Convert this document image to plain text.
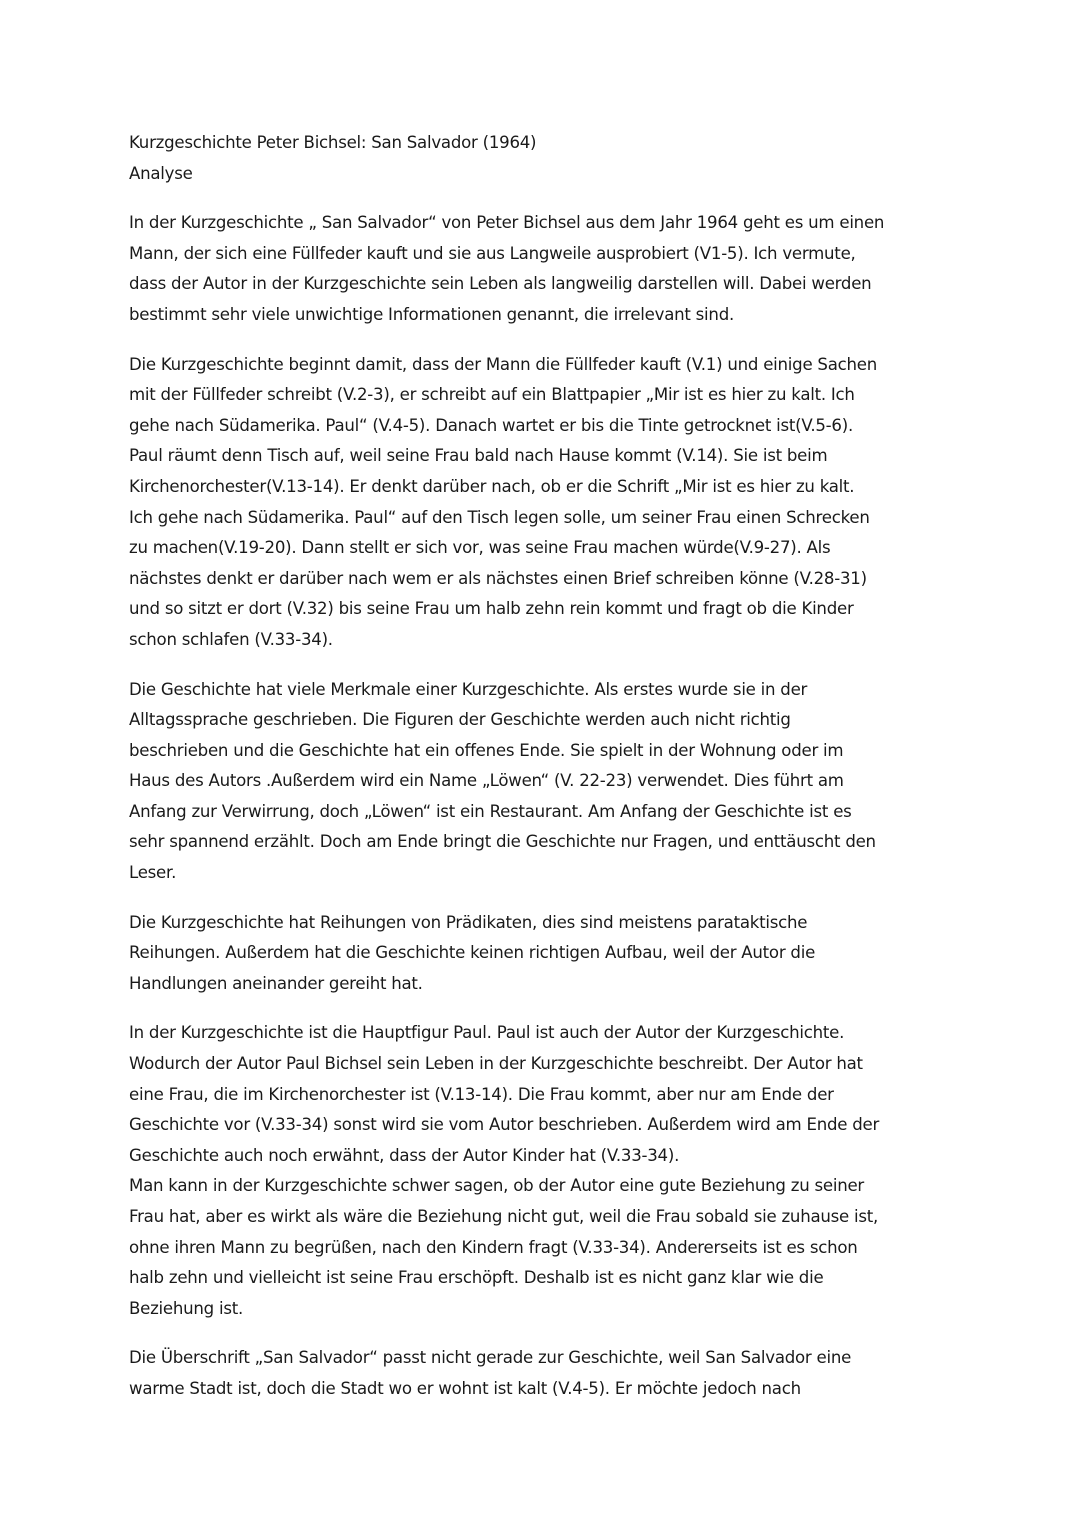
Kurzgeschichte Peter Bichsel: San Salvador (1964)

Analyse

In der Kurzgeschichte „ San Salvador“ von Peter Bichsel aus dem Jahr 1964 geht es um einen
Mann, der sich eine Füllfeder kauft und sie aus Langweile ausprobiert (V1-5). Ich vermute,
dass der Autor in der Kurzgeschichte sein Leben als langweilig darstellen will. Dabei werden
bestimmt sehr viele unwichtige Informationen genannt, die irrelevant sind.
Die Kurzgeschichte beginnt damit, dass der Mann die Füllfeder kauft (V.1) und einige Sachen
mit der Füllfeder schreibt (V.2-3), er schreibt auf ein Blattpapier „Mir ist es hier zu kalt. Ich
gehe nach Südamerika. Paul“ (V.4-5). Danach wartet er bis die Tinte getrocknet ist(V.5-6).
Paul räumt denn Tisch auf, weil seine Frau bald nach Hause kommt (V.14). Sie ist beim
Kirchenorchester(V.13-14). Er denkt darüber nach, ob er die Schrift „Mir ist es hier zu kalt.
Ich gehe nach Südamerika. Paul“ auf den Tisch legen solle, um seiner Frau einen Schrecken
zu machen(V.19-20). Dann stellt er sich vor, was seine Frau machen würde(V.9-27). Als
nächstes denkt er darüber nach wem er als nächstes einen Brief schreiben könne (V.28-31)
und so sitzt er dort (V.32) bis seine Frau um halb zehn rein kommt und fragt ob die Kinder
schon schlafen (V.33-34).
Die Geschichte hat viele Merkmale einer Kurzgeschichte. Als erstes wurde sie in der
Alltagssprache geschrieben. Die Figuren der Geschichte werden auch nicht richtig
beschrieben und die Geschichte hat ein offenes Ende. Sie spielt in der Wohnung oder im
Haus des Autors .Außerdem wird ein Name „Löwen“ (V. 22-23) verwendet. Dies führt am
Anfang zur Verwirrung, doch „Löwen“ ist ein Restaurant. Am Anfang der Geschichte ist es
sehr spannend erzählt. Doch am Ende bringt die Geschichte nur Fragen, und enttäuscht den
Leser.
Die Kurzgeschichte hat Reihungen von Prädikaten, dies sind meistens parataktische
Reihungen. Außerdem hat die Geschichte keinen richtigen Aufbau, weil der Autor die
Handlungen aneinander gereiht hat.
In der Kurzgeschichte ist die Hauptfigur Paul. Paul ist auch der Autor der Kurzgeschichte.
Wodurch der Autor Paul Bichsel sein Leben in der Kurzgeschichte beschreibt. Der Autor hat
eine Frau, die im Kirchenorchester ist (V.13-14). Die Frau kommt, aber nur am Ende der
Geschichte vor (V.33-34) sonst wird sie vom Autor beschrieben. Außerdem wird am Ende der
Geschichte auch noch erwähnt, dass der Autor Kinder hat (V.33-34).
Man kann in der Kurzgeschichte schwer sagen, ob der Autor eine gute Beziehung zu seiner
Frau hat, aber es wirkt als wäre die Beziehung nicht gut, weil die Frau sobald sie zuhause ist,
ohne ihren Mann zu begrüßen, nach den Kindern fragt (V.33-34). Andererseits ist es schon
halb zehn und vielleicht ist seine Frau erschöpft. Deshalb ist es nicht ganz klar wie die
Beziehung ist.
Die Überschrift „San Salvador“ passt nicht gerade zur Geschichte, weil San Salvador eine
warme Stadt ist, doch die Stadt wo er wohnt ist kalt (V.4-5). Er möchte jedoch nach
